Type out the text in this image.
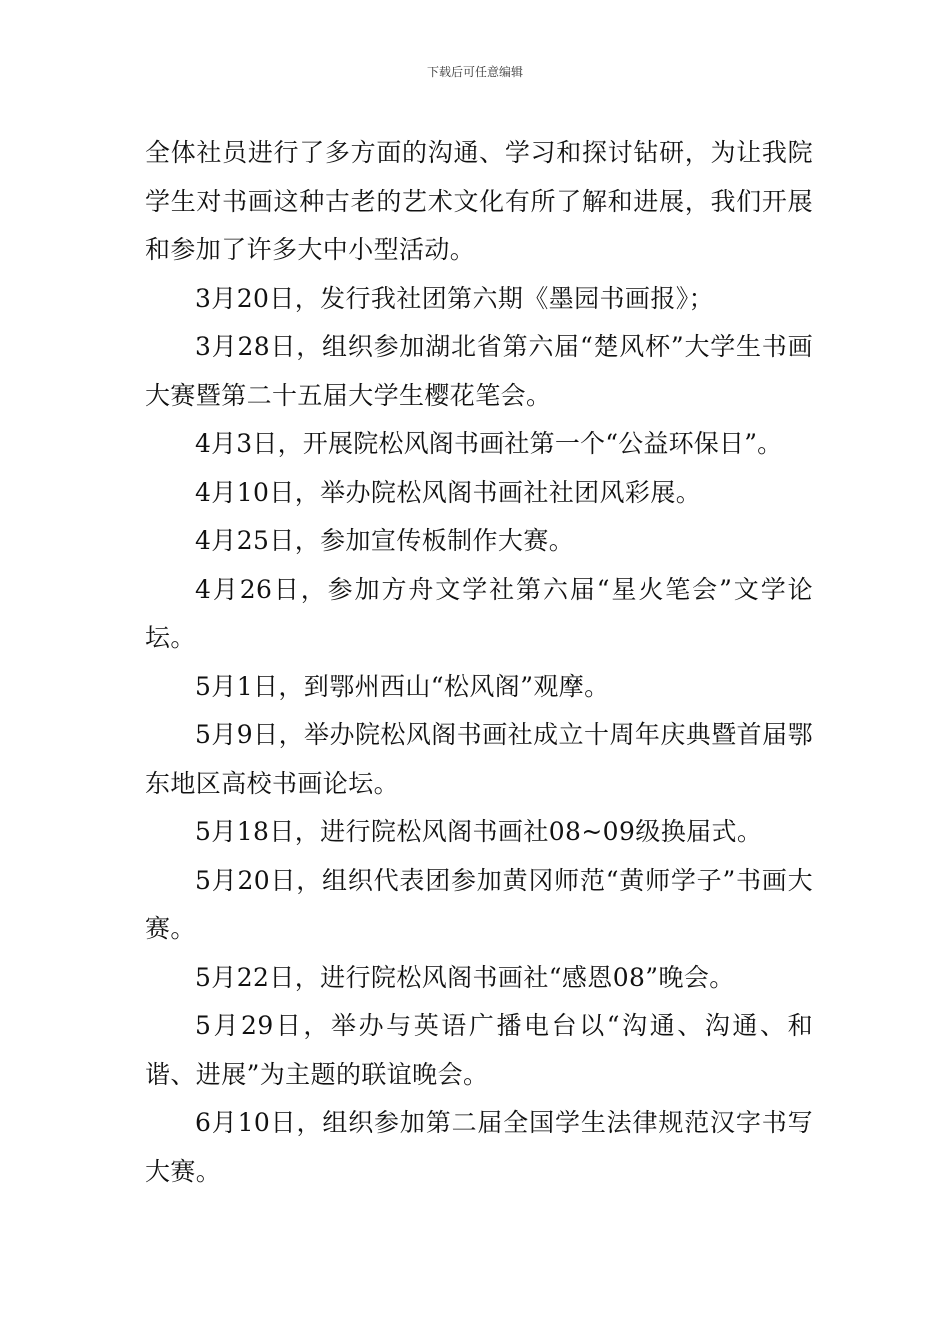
下载后可任意编辑

全体社员进行了多方面的沟通、学习和探讨钻研，为让我院学生对书画这种古老的艺术文化有所了解和进展，我们开展和参加了许多大中小型活动。

3月20日，发行我社团第六期《墨园书画报》；

3月28日，组织参加湖北省第六届“楚风杯”大学生书画大赛暨第二十五届大学生樱花笔会。

4月3日，开展院松风阁书画社第一个“公益环保日”。

4月10日，举办院松风阁书画社社团风彩展。

4月25日，参加宣传板制作大赛。

4月26日，参加方舟文学社第六届“星火笔会”文学论坛。

5月1日，到鄂州西山“松风阁”观摩。

5月9日，举办院松风阁书画社成立十周年庆典暨首届鄂东地区高校书画论坛。

5月18日，进行院松风阁书画社08~09级换届式。

5月20日，组织代表团参加黄冈师范“黄师学子”书画大赛。

5月22日，进行院松风阁书画社“感恩08”晚会。

5月29日，举办与英语广播电台以“沟通、沟通、和谐、进展”为主题的联谊晚会。

6月10日，组织参加第二届全国学生法律规范汉字书写大赛。
